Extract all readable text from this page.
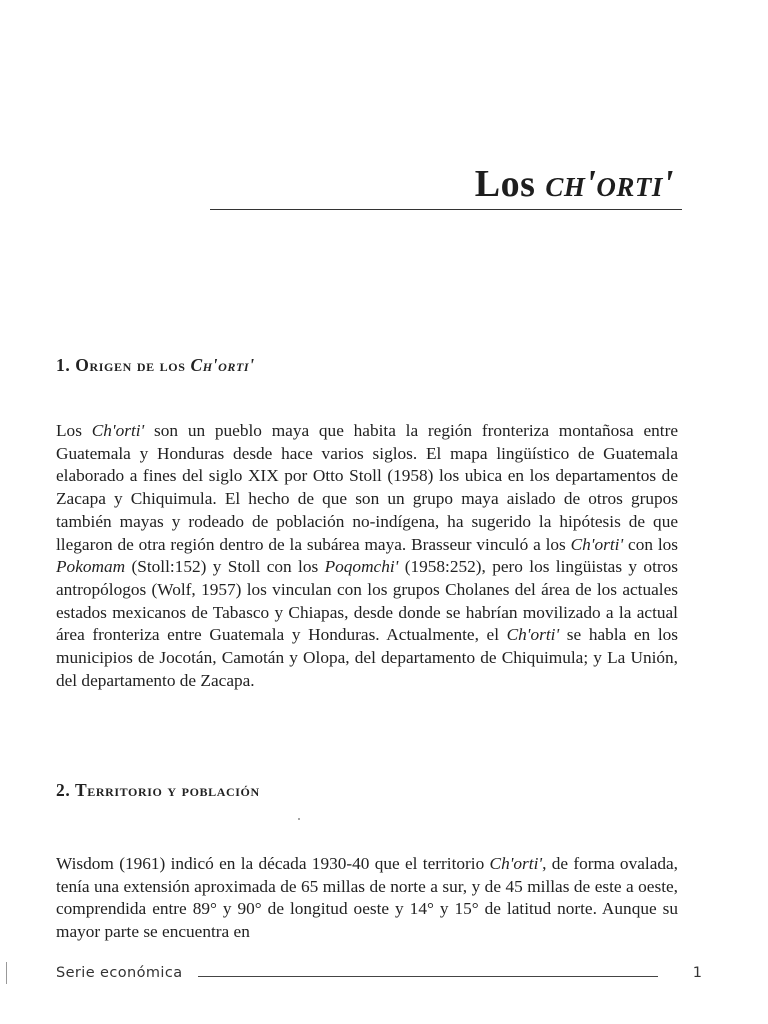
Los ch'orti'
1. Origen de los Ch'orti'
Los Ch'orti' son un pueblo maya que habita la región fronteriza montañosa entre Guatemala y Honduras desde hace varios siglos. El mapa lingüístico de Guatemala elaborado a fines del siglo XIX por Otto Stoll (1958) los ubica en los departamentos de Zacapa y Chiquimula. El hecho de que son un grupo maya aislado de otros grupos también mayas y rodeado de población no-indígena, ha sugerido la hipótesis de que llegaron de otra región dentro de la subárea maya. Brasseur vinculó a los Ch'orti' con los Pokomam (Stoll:152) y Stoll con los Poqomchi' (1958:252), pero los lingüistas y otros antropólogos (Wolf, 1957) los vinculan con los grupos Cholanes del área de los actuales estados mexicanos de Tabasco y Chiapas, desde donde se habrían movilizado a la actual área fronteriza entre Guatemala y Honduras. Actualmente, el Ch'orti' se habla en los municipios de Jocotán, Camotán y Olopa, del departamento de Chiquimula; y La Unión, del departamento de Zacapa.
2. Territorio y población
Wisdom (1961) indicó en la década 1930-40 que el territorio Ch'orti', de forma ovalada, tenía una extensión aproximada de 65 millas de norte a sur, y de 45 millas de este a oeste, comprendida entre 89° y 90° de longitud oeste y 14° y 15° de latitud norte. Aunque su mayor parte se encuentra en
Serie económica	1
